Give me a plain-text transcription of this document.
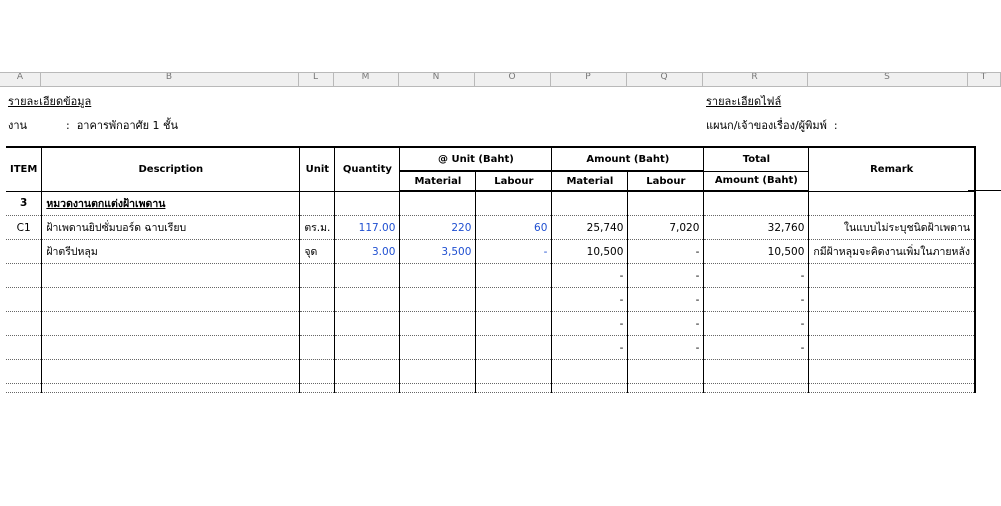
A	B	L	M	N	O	P	Q	R	S	T
รายละเอียดข้อมูล	รายละเอียดไฟล์
งาน	:  อาคารพักอาศัย 1 ชั้น	แผนก/เจ้าของเรื่อง/ผู้พิมพ์  :
ITEM	Description	Unit	Quantity	@ Unit (Baht)		Amount (Baht)		Total	Remark
				Material	Labour	Material	Labour	Amount (Baht)	
3	หมวดงานตกแต่งฝ้าเพดาน								
C1	ฝ้าเพดานยิปซั่มบอร์ด ฉาบเรียบ	ตร.ม.	117.00	220	60	25,740	7,020	32,760	ในแบบไม่ระบุชนิดฝ้าเพดาน
	ฝ้าตรีปหลุม	จุด	3.00	3,500	-	10,500	-	10,500	กมีฝ้าหลุมจะคิดงานเพิ่มในภายหลัง
						-	-	-	
						-	-	-	
						-	-	-	
						-	-	-	
